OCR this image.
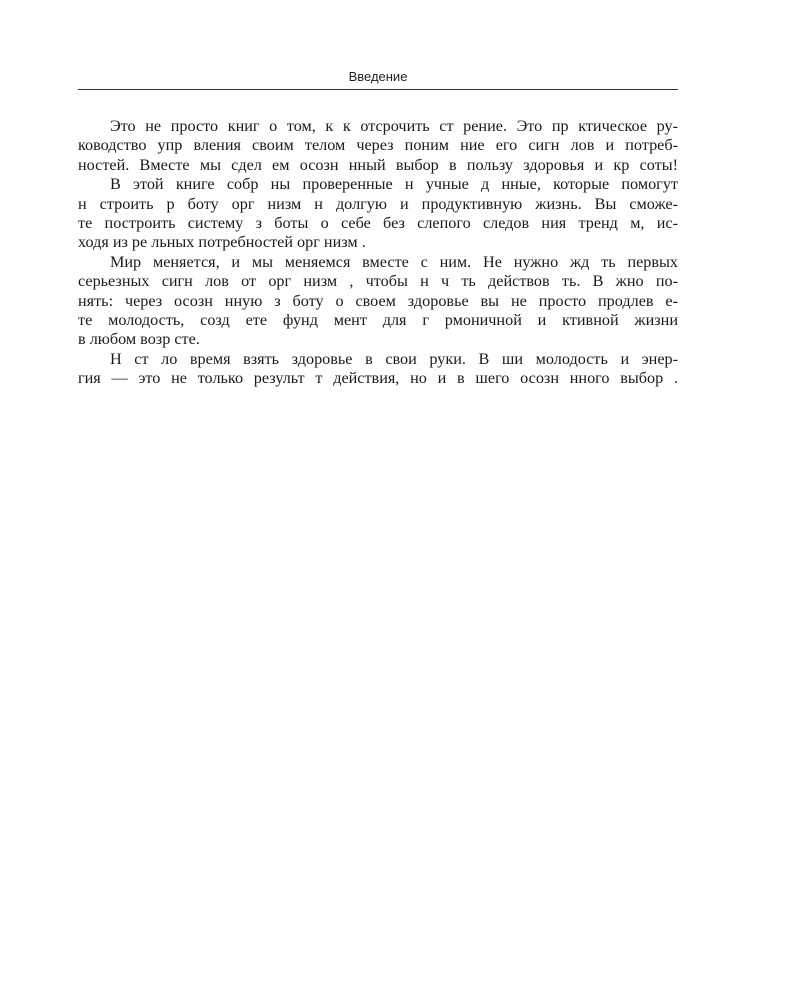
Введение
Это не просто книг о том, к к отсрочить ст рение. Это пр ктическое ру-
ководство упр вления своим телом через поним ние его сигн лов и потреб-
ностей. Вместе мы сдел ем осозн нный выбор в пользу здоровья и кр соты!
В этой книге собр ны проверенные н учные д нные, которые помогут
н строить р боту орг низм н долгую и продуктивную жизнь. Вы сможе-
те построить систему з боты о себе без слепого следов ния тренд м, ис-
ходя из ре льных потребностей орг низм .
Мир меняется, и мы меняемся вместе с ним. Не нужно жд ть первых
серьезных сигн лов от орг низм , чтобы н ч ть действов ть. В жно по-
нять: через осозн нную з боту о своем здоровье вы не просто продлев е-
те молодость, созд ете фунд мент для г рмоничной и ктивной жизни
в любом возр сте.
Н ст ло время взять здоровье в свои руки. В ши молодость и энер-
гия — это не только результ т действия, но и в шего осозн нного выбор .
